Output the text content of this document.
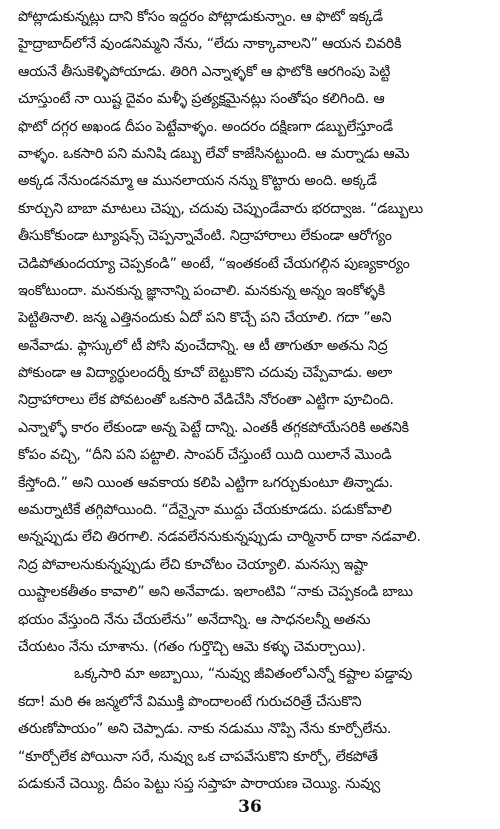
పోట్లాడుకున్నట్లు దాని కోసం ఇద్దరం పోట్లాడుకున్నాం. ఆ ఫొటో ఇక్కడే
హైద్రాబాద్‌లోనే వుండనిమ్మని నేను, “లేదు నాక్కావాలని” ఆయన చివరికి
ఆయనే తీసుకెళ్ళిపోయాడు. తిరిగి ఎన్నాళ్ళకో ఆ ఫొటోకి ఆరగింపు పెట్టి
చూస్తుంటే నా యిష్ట దైవం మళ్ళీ ప్రత్యక్షమైనట్లు సంతోషం కలిగింది. ఆ
ఫొటో దగ్గర అఖండ దీపం పెట్టేవాళ్ళం. అందరం దక్షిణగా డబ్బులేస్తూండే
వాళ్ళం. ఒకసారి పని మనిషి డబ్బు లేవో కాజేసినట్టుంది. ఆ మర్నాడు ఆమె
అక్కడ నేనుండనమ్మా ఆ మునలాయన నన్ను కొట్టారు అంది. అక్కడే
కూర్చుని బాబా మాటలు చెప్పు, చదువు చెప్పుండేవారు భరద్వాజ. “డబ్బులు
తీసుకోకుండా ట్యూషన్స్ చెప్పన్నావేంటి. నిద్రాహారాలు లేకుండా ఆరోగ్యం
చెడిపోతుందయ్యా చెప్పకండి” అంటే, “ఇంతకంటే చేయగల్గిన పుణ్యకార్యం
ఇంకోటుందా. మనకున్న జ్ఞానాన్ని పంచాలి. మనకున్న అన్నం ఇంకోళ్ళకి
పెట్టితినాలి. జన్మ ఎత్తినందుకు ఏదో పని కొచ్చే పని చేయాలి. గదా ”అని
అనేవాడు. ఫ్లాస్కులో టీ పోసి వుంచేదాన్ని. ఆ టీ తాగుతూ అతను నిద్ర
పోకుండా ఆ విద్యార్థులందర్నీ కూచో బెట్టుకొని చదువు చెప్పేవాడు. అలా
నిద్రాహారాలు లేక పోవటంతో ఒకసారి వేడిచేసి నోరంతా ఎట్టిగా పూచింది.
ఎన్నాళ్ళో కారం లేకుండా అన్న పెట్టే దాన్ని. ఎంతకీ తగ్గకపోయేసరికి అతనికి
కోపం వచ్చి, “దీని పని పట్టాలి. సాంపర్ చేస్తుంటే యిది యిలానే మొండి
కేస్తోంది.” అని యింత ఆవకాయ కలిపి ఎట్టిగా ఒగర్చుకుంటూ తిన్నాడు.
అమర్నాటికే తగ్గిపోయింది. “దేన్నైనా ముద్దు చేయకూడదు. పడుకోవాలి
అన్నప్పుడు లేచి తిరగాలి. నడవలేననుకున్నప్పుడు చార్మినార్ దాకా నడవాలి.
నిద్ర పోవాలనుకున్నప్పుడు లేచి కూచోటం చెయ్యాలి. మనస్సు ఇష్టా
యిష్టాలకతీతం కావాలి” అని అనేవాడు. ఇలాంటివి “నాకు చెప్పకండి బాబు
భయం వేస్తుంది నేను చేయలేను” అనేదాన్ని. ఆ సాధనలన్నీ అతను
చేయటం నేను చూశాను. (గతం గుర్తొచ్చి ఆమె కళ్ళు చెమర్చాయి).
ఒక్కసారి మా అబ్బాయి, “నువ్వు జీవితంలోఎన్నో కష్టాల పడ్డావు
కదా! మరి ఈ జన్మలోనే విముక్తి పొందాలంటే గురుచరిత్రే చేసుకొని
తరుణోపాయం” అని చెప్పాడు. నాకు నడుము నొప్పి నేను కూర్చోలేను.
“కూర్చోలేక పోయినా సరే, నువ్వు ఒక చాపవేసుకొని కూర్చో, లేకపోతే
పడుకునే చెయ్యి. దీపం పెట్టు సప్త సప్తాహ పారాయణ చెయ్యి. నువ్వు
36
